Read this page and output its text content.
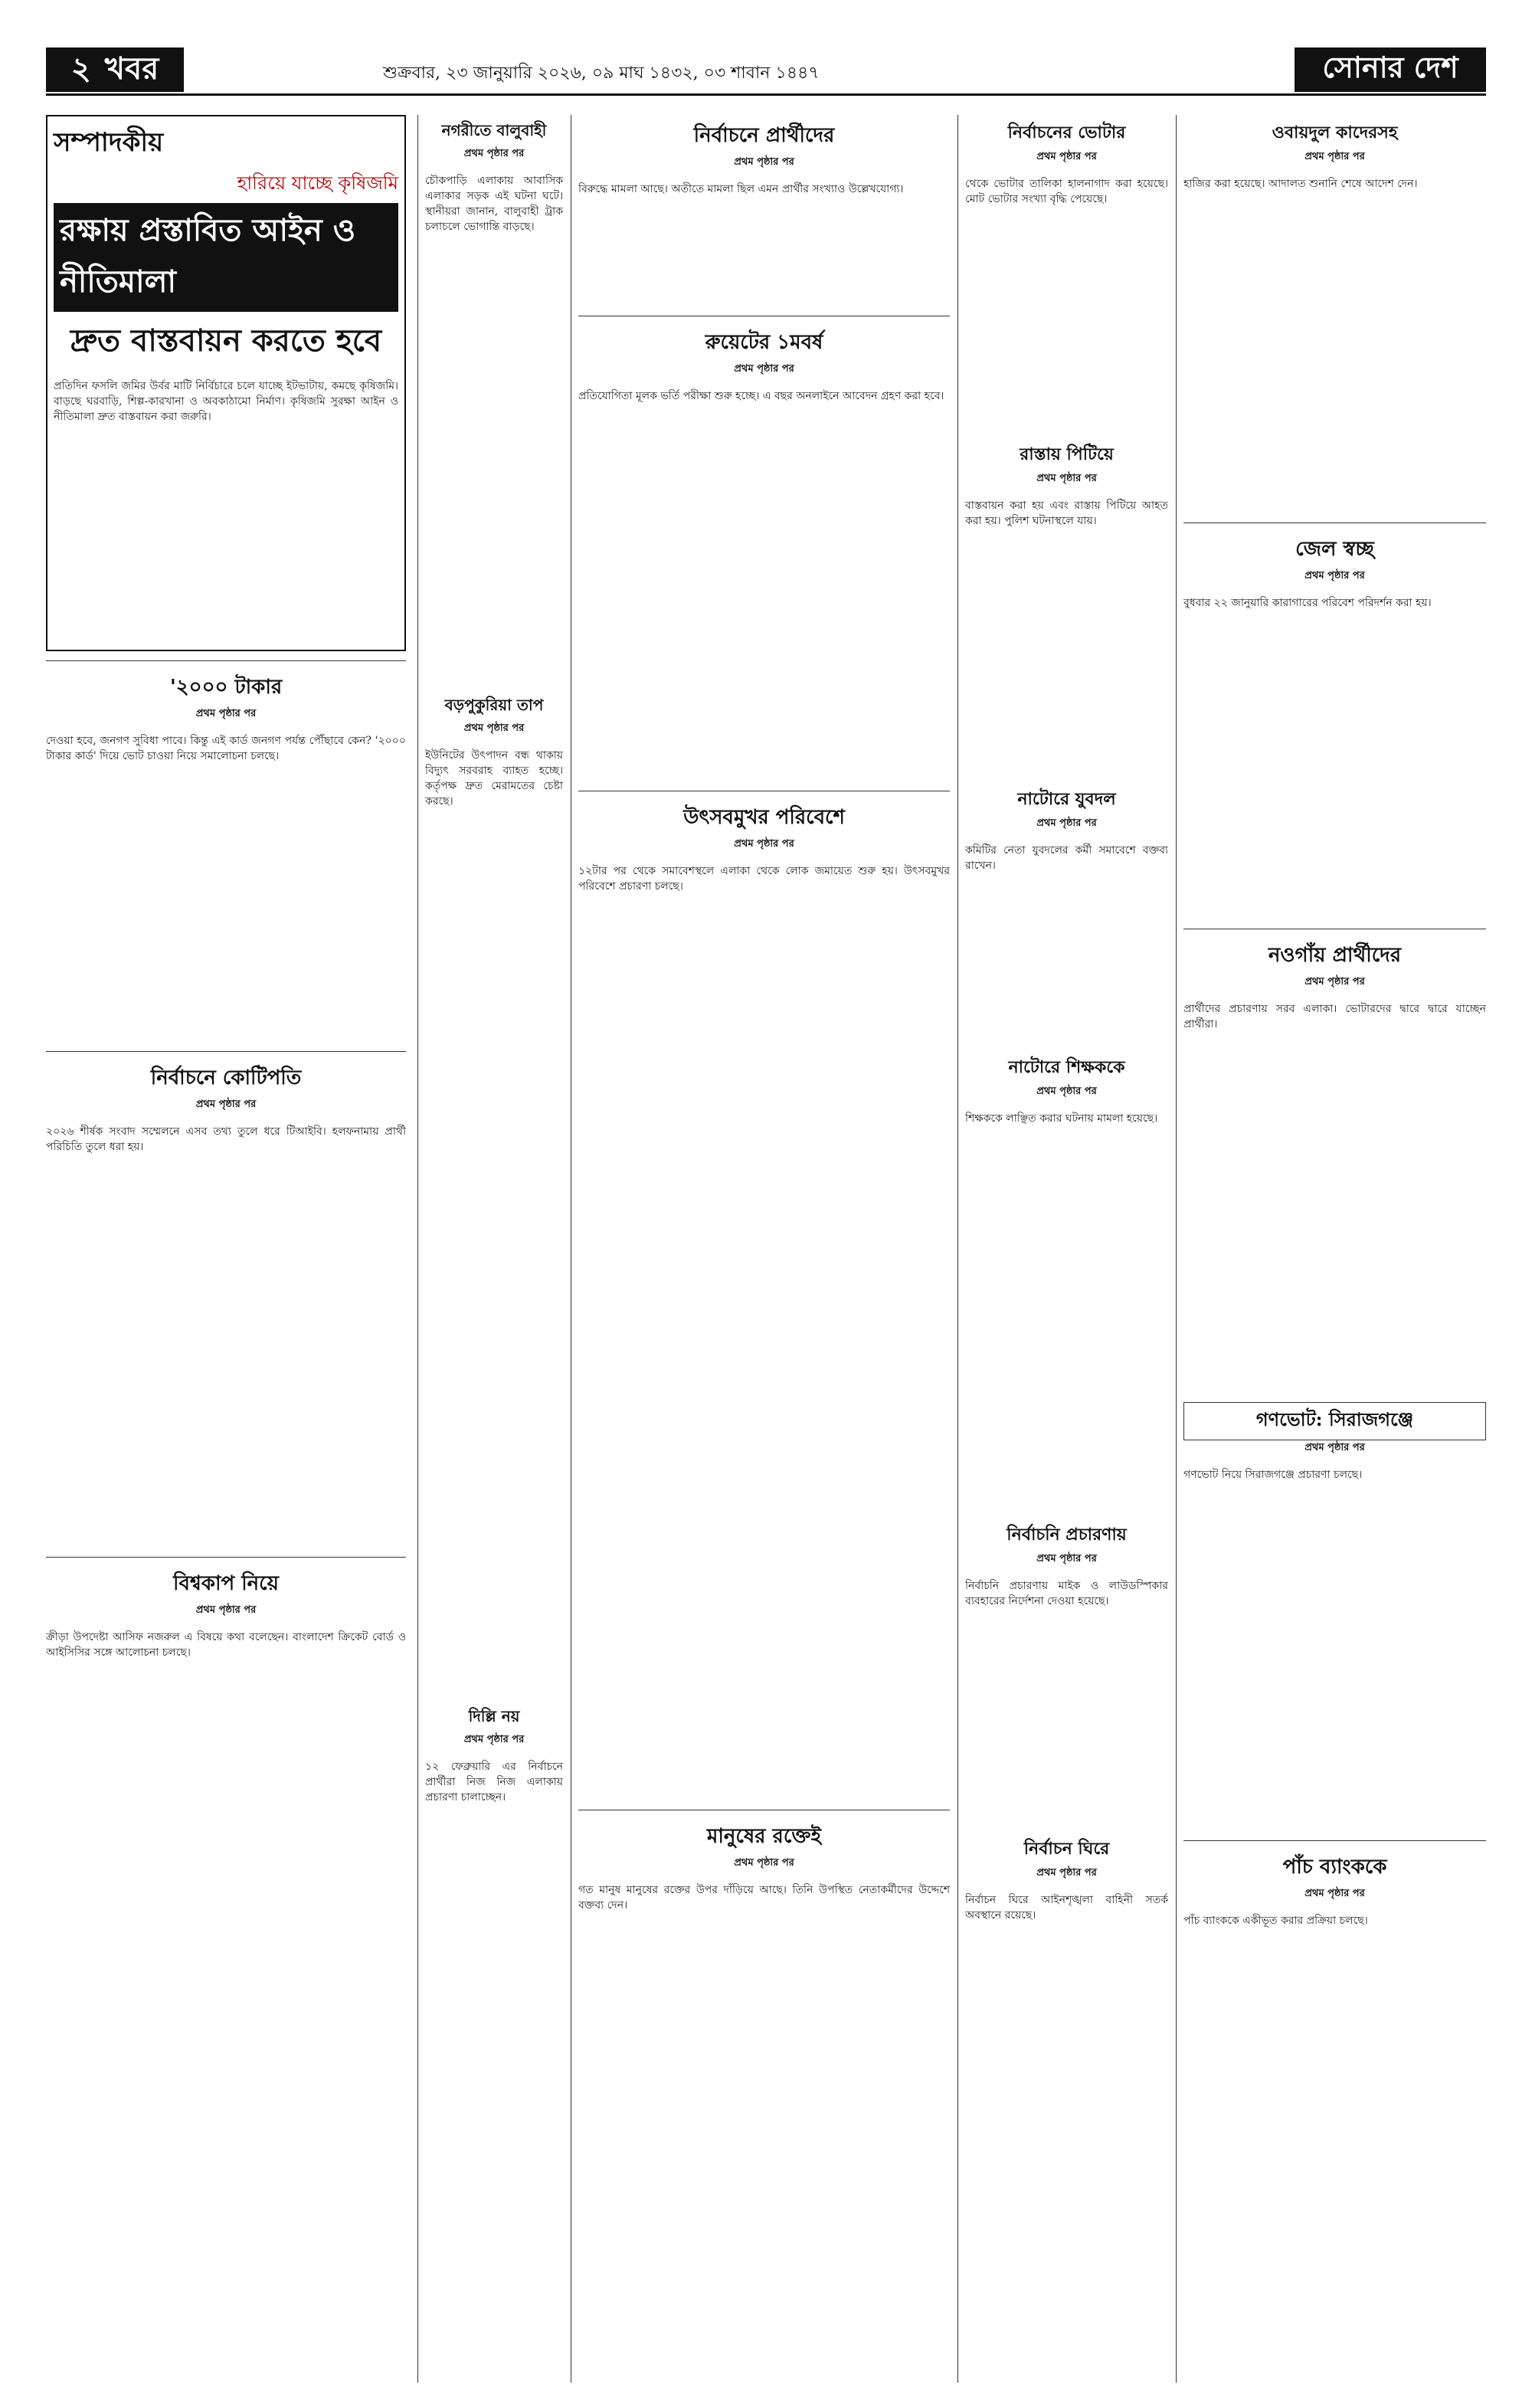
২ খবর	শুক্রবার, ২৩ জানুয়ারি ২০২৬, ০৯ মাঘ ১৪৩২, ০৩ শাবান ১৪৪৭	সোনার দেশ
সম্পাদকীয়
হারিয়ে যাচ্ছে কৃষিজমি
রক্ষায় প্রস্তাবিত আইন ও নীতিমালা
দ্রুত বাস্তবায়ন করতে হবে

প্রতিদিন ফসলি জমির উর্বর মাটি নির্বিচারে চলে যাচ্ছে ইটভাটায়, কমছে কৃষিজমি। বাড়ছে ঘরবাড়ি, শিল্প-কারখানা ও অবকাঠামো নির্মাণ। কৃষিজমি সুরক্ষা আইন ও নীতিমালা দ্রুত বাস্তবায়ন করা জরুরি।

'২০০০ টাকার
প্রথম পৃষ্ঠার পর

দেওয়া হবে, জনগণ সুবিধা পাবে। কিন্তু এই কার্ড জনগণ পর্যন্ত পৌঁছাবে কেন? '২০০০ টাকার কার্ড' দিয়ে ভোট চাওয়া নিয়ে সমালোচনা চলছে।

নির্বাচনে কোটিপতি
প্রথম পৃষ্ঠার পর

২০২৬ শীর্ষক সংবাদ সম্মেলনে এসব তথ্য তুলে ধরে টিআইবি। হলফনামায় প্রার্থী পরিচিতি তুলে ধরা হয়।

বিশ্বকাপ নিয়ে
প্রথম পৃষ্ঠার পর

ক্রীড়া উপদেষ্টা আসিফ নজরুল এ বিষয়ে কথা বলেছেন। বাংলাদেশ ক্রিকেট বোর্ড ও আইসিসির সঙ্গে আলোচনা চলছে।

নগরীতে বালুবাহী
প্রথম পৃষ্ঠার পর

চৌকপাড়ি এলাকায় আবাসিক এলাকার সড়ক এই ঘটনা ঘটে। স্থানীয়রা জানান, বালুবাহী ট্রাক চলাচলে ভোগান্তি বাড়ছে।

বড়পুকুরিয়া তাপ
প্রথম পৃষ্ঠার পর

ইউনিটের উৎপাদন বন্ধ থাকায় বিদ্যুৎ সরবরাহ ব্যাহত হচ্ছে। কর্তৃপক্ষ দ্রুত মেরামতের চেষ্টা করছে।

দিল্লি নয়
প্রথম পৃষ্ঠার পর

১২ ফেব্রুয়ারি এর নির্বাচনে প্রার্থীরা নিজ নিজ এলাকায় প্রচারণা চালাচ্ছেন।

নির্বাচনে প্রার্থীদের
প্রথম পৃষ্ঠার পর

বিরুদ্ধে মামলা আছে। অতীতে মামলা ছিল এমন প্রার্থীর সংখ্যাও উল্লেখযোগ্য।

রুয়েটের ১মবর্ষ
প্রথম পৃষ্ঠার পর

প্রতিযোগিতা মূলক ভর্তি পরীক্ষা শুরু হচ্ছে। এ বছর অনলাইনে আবেদন গ্রহণ করা হবে।

উৎসবমুখর পরিবেশে
প্রথম পৃষ্ঠার পর

১২টার পর থেকে সমাবেশস্থলে এলাকা থেকে লোক জমায়েত শুরু হয়। উৎসবমুখর পরিবেশে প্রচারণা চলছে।

মানুষের রক্তেই
প্রথম পৃষ্ঠার পর

গত মানুষ মানুষের রক্তের উপর দাঁড়িয়ে আছে। তিনি উপস্থিত নেতাকর্মীদের উদ্দেশে বক্তব্য দেন।

নির্বাচনের ভোটার
প্রথম পৃষ্ঠার পর

থেকে ভোটার তালিকা হালনাগাদ করা হয়েছে। মোট ভোটার সংখ্যা বৃদ্ধি পেয়েছে।

রাস্তায় পিটিয়ে
প্রথম পৃষ্ঠার পর

বাস্তবায়ন করা হয় এবং রাস্তায় পিটিয়ে আহত করা হয়। পুলিশ ঘটনাস্থলে যায়।

নাটোরে যুবদল
প্রথম পৃষ্ঠার পর

কমিটির নেতা যুবদলের কর্মী সমাবেশে বক্তব্য রাখেন।

নাটোরে শিক্ষককে
প্রথম পৃষ্ঠার পর

শিক্ষককে লাঞ্ছিত করার ঘটনায় মামলা হয়েছে।

নির্বাচনি প্রচারণায়
প্রথম পৃষ্ঠার পর

নির্বাচনি প্রচারণায় মাইক ও লাউডস্পিকার ব্যবহারের নির্দেশনা দেওয়া হয়েছে।

নির্বাচন ঘিরে
প্রথম পৃষ্ঠার পর

নির্বাচন ঘিরে আইনশৃঙ্খলা বাহিনী সতর্ক অবস্থানে রয়েছে।

ওবায়দুল কাদেরসহ
প্রথম পৃষ্ঠার পর

হাজির করা হয়েছে। আদালত শুনানি শেষে আদেশ দেন।

জেল স্বচ্ছ
প্রথম পৃষ্ঠার পর

বুধবার ২২ জানুয়ারি কারাগারের পরিবেশ পরিদর্শন করা হয়।

নওগাঁয় প্রার্থীদের
প্রথম পৃষ্ঠার পর

প্রার্থীদের প্রচারণায় সরব এলাকা। ভোটারদের দ্বারে দ্বারে যাচ্ছেন প্রার্থীরা।

গণভোট: সিরাজগঞ্জে
প্রথম পৃষ্ঠার পর

গণভোট নিয়ে সিরাজগঞ্জে প্রচারণা চলছে।

পাঁচ ব্যাংককে
প্রথম পৃষ্ঠার পর

পাঁচ ব্যাংককে একীভূত করার প্রক্রিয়া চলছে।
